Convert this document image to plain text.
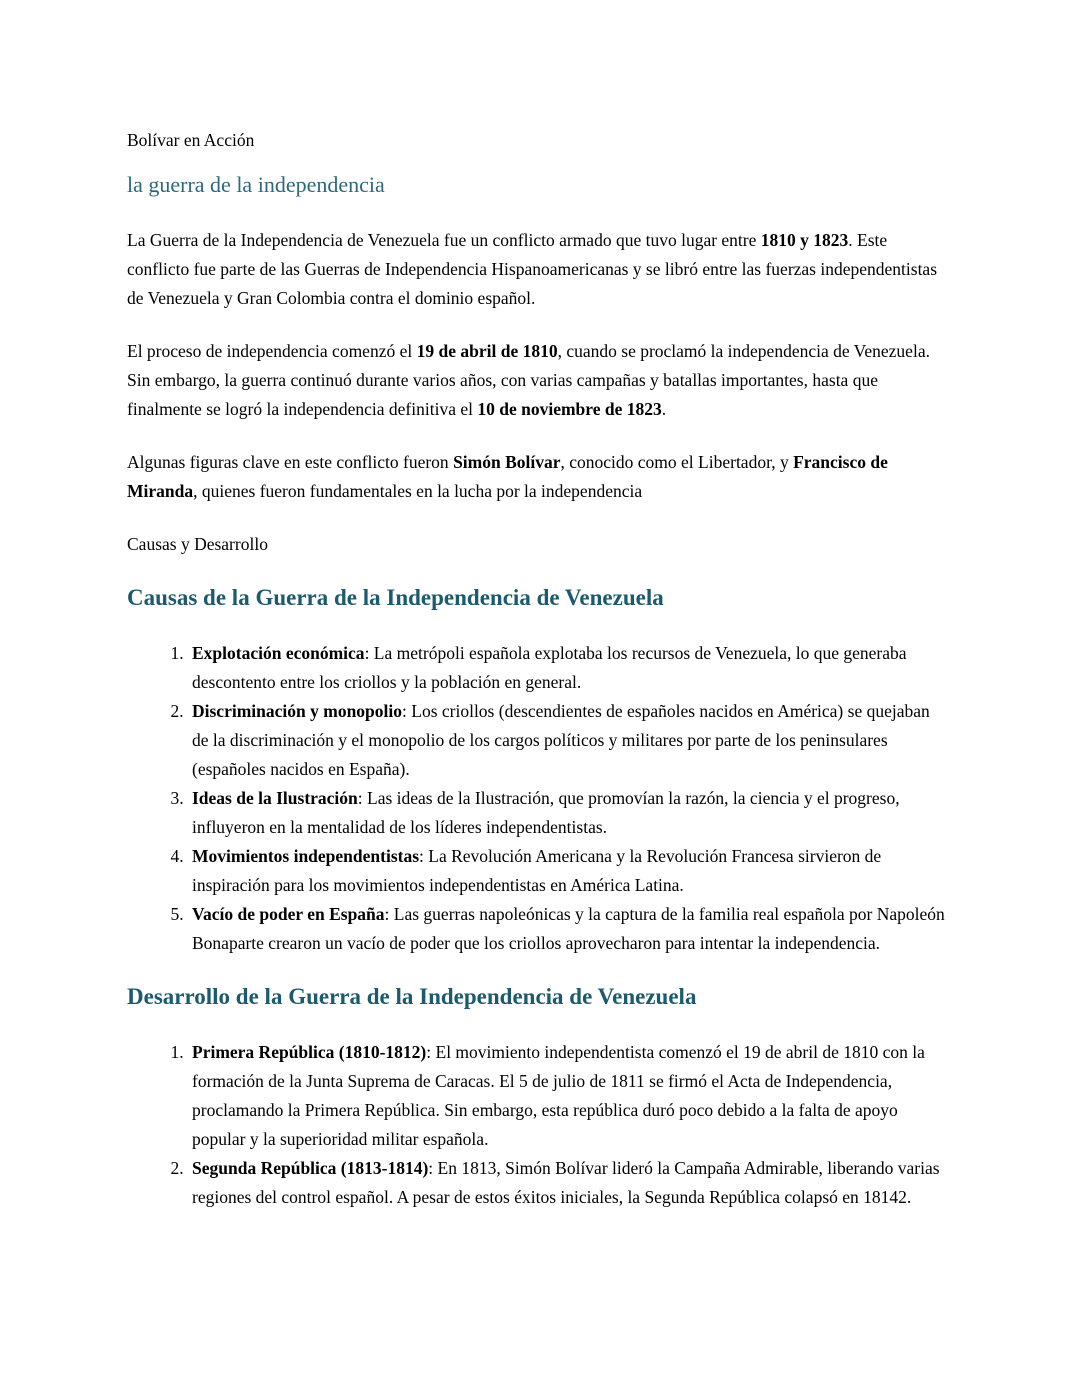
Bolívar en Acción

la guerra de la independencia

La Guerra de la Independencia de Venezuela fue un conflicto armado que tuvo lugar entre 1810 y 1823. Este conflicto fue parte de las Guerras de Independencia Hispanoamericanas y se libró entre las fuerzas independentistas de Venezuela y Gran Colombia contra el dominio español.

El proceso de independencia comenzó el 19 de abril de 1810, cuando se proclamó la independencia de Venezuela. Sin embargo, la guerra continuó durante varios años, con varias campañas y batallas importantes, hasta que finalmente se logró la independencia definitiva el 10 de noviembre de 1823.

Algunas figuras clave en este conflicto fueron Simón Bolívar, conocido como el Libertador, y Francisco de Miranda, quienes fueron fundamentales en la lucha por la independencia

Causas y Desarrollo

Causas de la Guerra de la Independencia de Venezuela
1. Explotación económica: La metrópoli española explotaba los recursos de Venezuela, lo que generaba descontento entre los criollos y la población en general.
2. Discriminación y monopolio: Los criollos (descendientes de españoles nacidos en América) se quejaban de la discriminación y el monopolio de los cargos políticos y militares por parte de los peninsulares (españoles nacidos en España).
3. Ideas de la Ilustración: Las ideas de la Ilustración, que promovían la razón, la ciencia y el progreso, influyeron en la mentalidad de los líderes independentistas.
4. Movimientos independentistas: La Revolución Americana y la Revolución Francesa sirvieron de inspiración para los movimientos independentistas en América Latina.
5. Vacío de poder en España: Las guerras napoleónicas y la captura de la familia real española por Napoleón Bonaparte crearon un vacío de poder que los criollos aprovecharon para intentar la independencia.
Desarrollo de la Guerra de la Independencia de Venezuela
1. Primera República (1810-1812): El movimiento independentista comenzó el 19 de abril de 1810 con la formación de la Junta Suprema de Caracas. El 5 de julio de 1811 se firmó el Acta de Independencia, proclamando la Primera República. Sin embargo, esta república duró poco debido a la falta de apoyo popular y la superioridad militar española.
2. Segunda República (1813-1814): En 1813, Simón Bolívar lideró la Campaña Admirable, liberando varias regiones del control español. A pesar de estos éxitos iniciales, la Segunda República colapsó en 18142.
